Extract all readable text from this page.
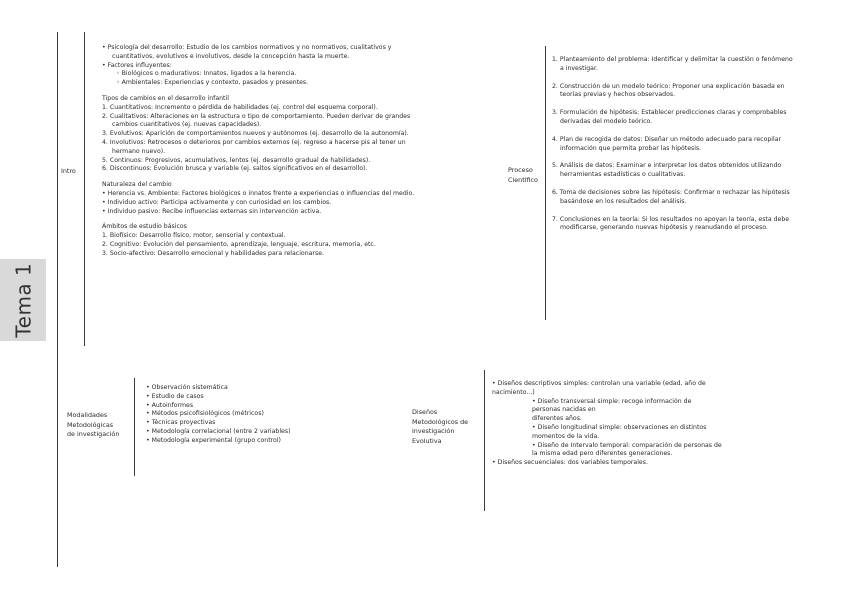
Tema 1
Intro

• Psicología del desarrollo: Estudio de los cambios normativos y no normativos, cualitativos y

cuantitativos, evolutivos e involutivos, desde la concepción hasta la muerte.

• Factores influyentes:

◦ Biológicos o madurativos: Innatos, ligados a la herencia.

◦ Ambientales: Experiencias y contexto, pasados y presentes.

Tipos de cambios en el desarrollo infantil

1. Cuantitativos: Incremento o pérdida de habilidades (ej. control del esquema corporal).

2. Cualitativos: Alteraciones en la estructura o tipo de comportamiento. Pueden derivar de grandes

cambios cuantitativos (ej. nuevas capacidades).

3. Evolutivos: Aparición de comportamientos nuevos y autónomos (ej. desarrollo de la autonomía).

4. Involutivos: Retrocesos o deterioros por cambios externos (ej. regreso a hacerse pis al tener un

hermano nuevo).

5. Continuos: Progresivos, acumulativos, lentos (ej. desarrollo gradual de habilidades).

6. Discontinuos: Evolución brusca y variable (ej. saltos significativos en el desarrollo).

Naturaleza del cambio

• Herencia vs. Ambiente: Factores biológicos o innatos frente a experiencias o influencias del medio.

• Individuo activo: Participa activamente y con curiosidad en los cambios.

• Individuo pasivo: Recibe influencias externas sin intervención activa.

Ámbitos de estudio básicos

1. Biofísico: Desarrollo físico, motor, sensorial y contextual.

2. Cognitivo: Evolución del pensamiento, aprendizaje, lenguaje, escritura, memoria, etc.

3. Socio-afectivo: Desarrollo emocional y habilidades para relacionarse.

Proceso
Científico

1. Planteamiento del problema: Identificar y delimitar la cuestión o fenómeno a investigar.

2. Construcción de un modelo teórico: Proponer una explicación basada en teorías previas y hechos observados.

3. Formulación de hipótesis: Establecer predicciones claras y comprobables derivadas del modelo teórico.

4. Plan de recogida de datos: Diseñar un método adecuado para recopilar información que permita probar las hipótesis.

5. Análisis de datos: Examinar e interpretar los datos obtenidos utilizando herramientas estadísticas o cualitativas.

6. Toma de decisiones sobre las hipótesis: Confirmar o rechazar las hipótesis basándose en los resultados del análisis.

7. Conclusiones en la teoría: Si los resultados no apoyan la teoría, esta debe modificarse, generando nuevas hipótesis y reanudando el proceso.

Modalidades
Metodológicas
de investigación

• Observación sistemática

• Estudio de casos

• Autoinformes

• Métodos psicofisiológicos (métricos)

• Técnicas proyectivas

• Metodología correlacional (entre 2 variables)

• Metodología experimental (grupo control)

Diseños
Metodológicos de
investigación
Evolutiva

• Diseños descriptivos simples: controlan una variable (edad, año de

nacimiento...)

• Diseño transversal simple: recoge información de

personas nacidas en

diferentes años.

• Diseño longitudinal simple: observaciones en distintos

momentos de la vida.

• Diseño de Intervalo temporal: comparación de personas de

la misma edad pero diferentes generaciones.

• Diseños secuenciales: dos variables temporales.
